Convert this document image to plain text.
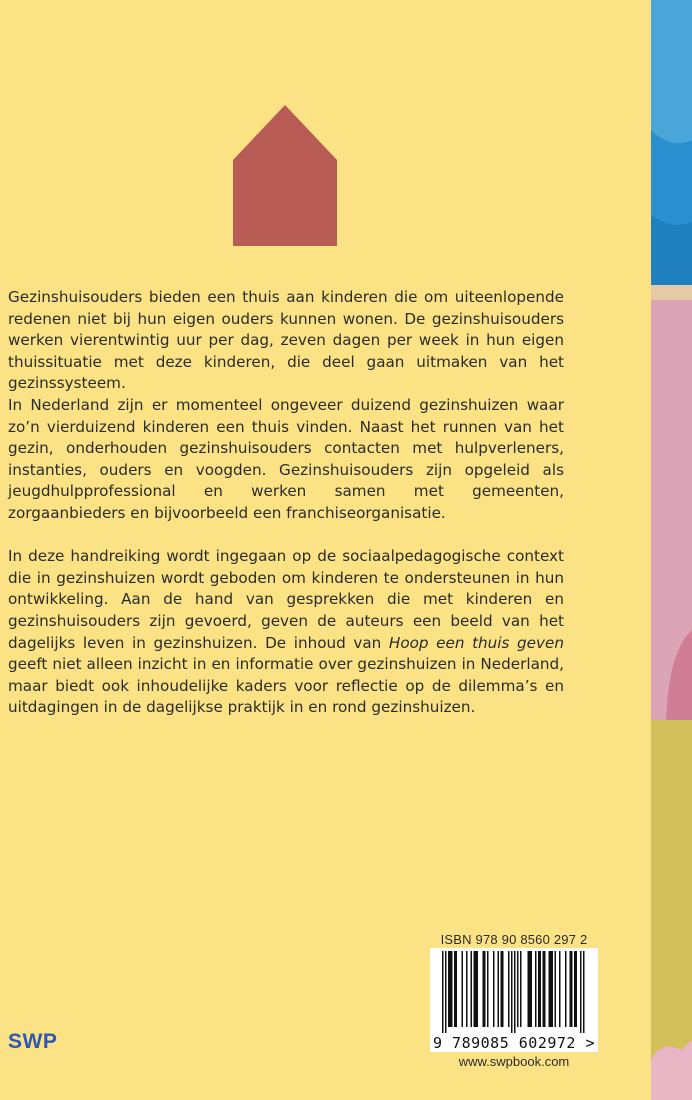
Gezinshuisouders bieden een thuis aan kinderen die om uiteenlopende redenen niet bij hun eigen ouders kunnen wonen. De gezinshuisouders werken vierentwintig uur per dag, zeven dagen per week in hun eigen thuissituatie met deze kinderen, die deel gaan uitmaken van het gezinssysteem.

In Nederland zijn er momenteel ongeveer duizend gezinshuizen waar zo’n vierduizend kinderen een thuis vinden. Naast het runnen van het gezin, onderhouden gezinshuisouders contacten met hulpverleners, instanties, ouders en voogden. Gezinshuisouders zijn opgeleid als jeugdhulpprofessional en werken samen met gemeenten, zorgaanbieders en bijvoorbeeld een franchiseorganisatie.

In deze handreiking wordt ingegaan op de sociaalpedagogische context die in gezinshuizen wordt geboden om kinderen te ondersteunen in hun ontwikkeling. Aan de hand van gesprekken die met kinderen en gezinshuisouders zijn gevoerd, geven de auteurs een beeld van het dagelijks leven in gezinshuizen. De inhoud van Hoop een thuis geven geeft niet alleen inzicht in en informatie over gezinshuizen in Nederland, maar biedt ook inhoudelijke kaders voor reflectie op de dilemma’s en uitdagingen in de dagelijkse praktijk in en rond gezinshuizen.

ISBN 978 90 8560 297 2
9 789085 602972 >
www.swpbook.com
SWP
